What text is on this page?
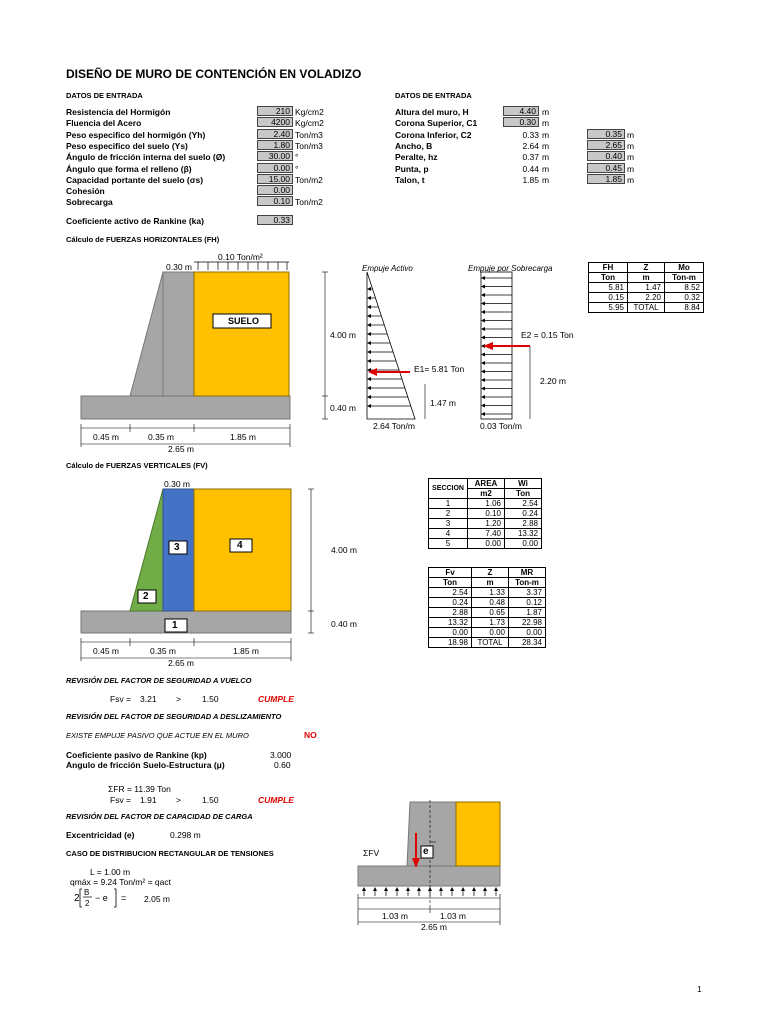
DISEÑO DE MURO DE CONTENCIÓN EN VOLADIZO
DATOS DE ENTRADA
Resistencia del Hormigón	210 Kg/cm2
Fluencia del Acero	4200 Kg/cm2
Peso especifico del hormigón (Yh)	2.40 Ton/m3
Peso especifico del suelo (Ys)	1.80 Ton/m3
Ángulo de fricción interna del suelo (Ø)	30.00 °
Ángulo que forma el relleno (β)	0.00 °
Capacidad portante del suelo (σs)	15.00 Ton/m2
Cohesión	0.00
Sobrecarga	0.10 Ton/m2
Coeficiente activo de Rankine (ka)	0.33
DATOS DE ENTRADA
Altura del muro, H	4.40 m
Corona Superior, C1	0.30 m
Corona Inferior, C2	0.33 m	0.35 m
Ancho, B	2.64 m	2.65 m
Peralte, hz	0.37 m	0.40 m
Punta, p	0.44 m	0.45 m
Talon, t	1.85 m	1.85 m
Cálculo de FUERZAS HORIZONTALES (FH)
0.10 Ton/m²
0.30 m
SUELO
0.45 m	0.35 m	1.85 m
2.65 m
4.00 m
0.40 m
Empuje Activo	Empuje por Sobrecarga
E1= 5.81 Ton
1.47 m
2.64 Ton/m
E2 = 0.15 Ton
2.20 m
0.03 Ton/m
FH	Z	Mo
Ton	m	Ton-m
5.81	1.47	8.52
0.15	2.20	0.32
5.95	TOTAL	8.84
Cálculo de FUERZAS VERTICALES (FV)
0.30 m
3	4
2
1
4.00 m
0.40 m
0.45 m	0.35 m	1.85 m
2.65 m
SECCION	AREA	Wi
	m2	Ton
1	1.06	2.54
2	0.10	0.24
3	1.20	2.88
4	7.40	13.32
5	0.00	0.00
Fv	Z	MR
Ton	m	Ton-m
2.54	1.33	3.37
0.24	0.48	0.12
2.88	0.65	1.87
13.32	1.73	22.98
0.00	0.00	0.00
18.98	TOTAL	28.34
REVISIÓN DEL FACTOR DE SEGURIDAD A VUELCO
Fsv = 3.21 > 1.50	CUMPLE
REVISIÓN DEL FACTOR DE SEGURIDAD A DESLIZAMIENTO
EXISTE EMPUJE PASIVO QUE ACTUE EN EL MURO	NO
Coeficiente pasivo de Rankine (kp)	3.000
Angulo de fricción Suelo-Estructura (μ)	0.60
ΣFR = 11.39 Ton
Fsv = 1.91 > 1.50	CUMPLE
REVISIÓN DEL FACTOR DE CAPACIDAD DE CARGA
Excentricidad (e)	0.298 m
CASO DE DISTRIBUCION RECTANGULAR DE TENSIONES
L = 1.00 m
qmáx = 9.24 Ton/m² = qact
2
B
2
− e = 2.05 m
ΣFV	e
1.03 m	1.03 m
2.65 m
1
